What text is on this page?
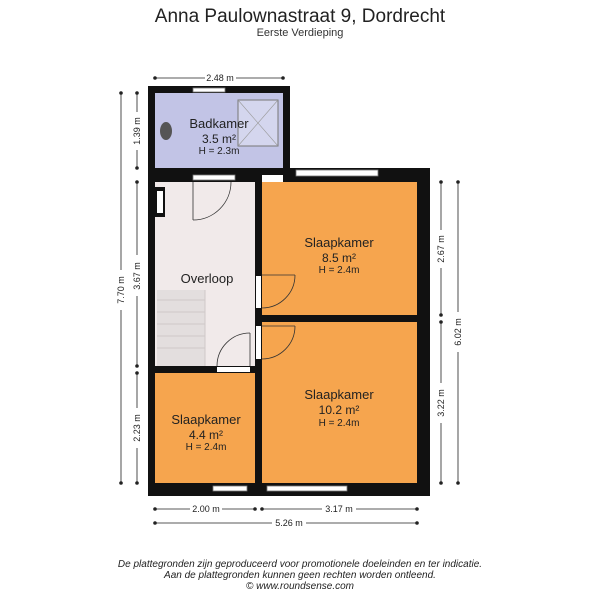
Anna Paulownastraat 9, Dordrecht
Eerste Verdieping
Badkamer
3.5 m²
H = 2.3m
Overloop
Slaapkamer
8.5 m²
H = 2.4m
Slaapkamer
10.2 m²
H = 2.4m
Slaapkamer
4.4 m²
H = 2.4m
2.48 m
2.00 m	3.17 m
5.26 m
1.39 m
3.67 m
2.23 m
7.70 m
2.67 m
3.22 m
6.02 m
De plattegronden zijn geproduceerd voor promotionele doeleinden en ter indicatie.
Aan de plattegronden kunnen geen rechten worden ontleend.
© www.roundsense.com
